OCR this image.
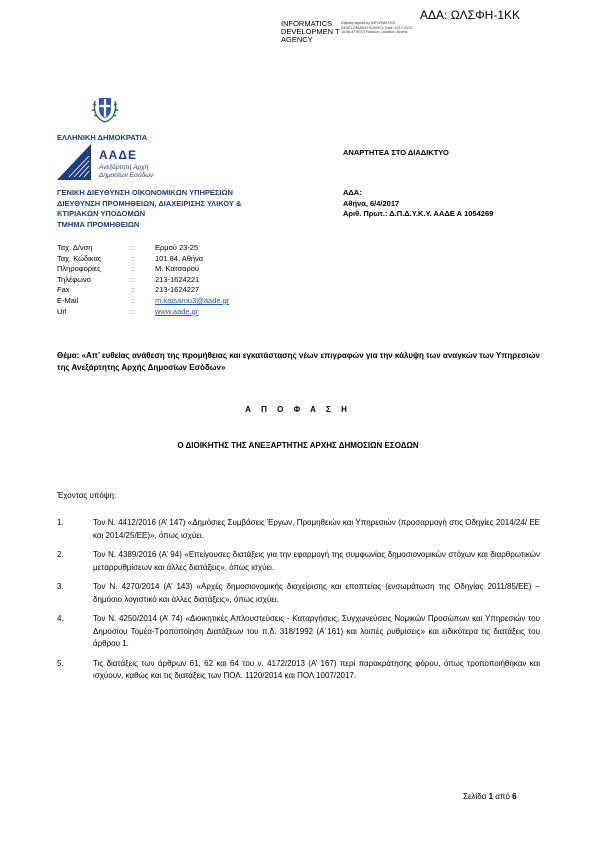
ΑΔΑ: ΩΛΣΦΗ-1ΚΚ
INFORMATICS DEVELOPMEN T AGENCY
Digitally signed by INFORMATICS DEVELOPMENT AGENCY Date: 2017.04.07 16:56:37 EEST Reason: Location: Athens
ΕΛΛΗΝΙΚΗ ΔΗΜΟΚΡΑΤΙΑ
ΑΑΔΕ
Ανεξάρτητη Αρχή Δημοσίων Εσόδων
ΓΕΝΙΚΗ ΔΙΕΥΘΥΝΣΗ ΟΙΚΟΝΟΜΙΚΩΝ ΥΠΗΡΕΣΙΩΝ
ΔΙΕΥΘΥΝΣΗ ΠΡΟΜΗΘΕΙΩΝ, ΔΙΑΧΕΙΡΙΣΗΣ ΥΛΙΚΟΥ &
ΚΤΙΡΙΑΚΩΝ ΥΠΟΔΟΜΩΝ
ΤΜΗΜΑ ΠΡΟΜΗΘΕΙΩΝ
ΑΝΑΡΤΗΤΕΑ ΣΤΟ ΔΙΑΔΙΚΤΥΟ
ΑΔΑ:
Αθήνα, 6/4/2017
Αριθ. Πρωτ.: Δ.Π.Δ.Υ.Κ.Υ. ΑΑΔΕ Α 1054269
Ταχ. Δ/νση	:	Ερμού 23-25
Ταχ. Κώδικας	:	101 84, Αθήνα
Πληροφορίες	:	Μ. Κατσαρού
Τηλέφωνο	:	213-1624221
Fax	:	213-1624227
E-Mail	:	m.katsarou3@aade.gr
Url	:	www.aade.gr
Θέμα: «Απ’ ευθείας ανάθεση της προμήθειας και εγκατάστασης νέων επιγραφών για την κάλυψη των αναγκών των Υπηρεσιών της Ανεξάρτητης Αρχής Δημοσίων Εσόδων»
Α Π Ο Φ Α Σ Η
Ο ΔΙΟΙΚΗΤΗΣ ΤΗΣ ΑΝΕΞΑΡΤΗΤΗΣ ΑΡΧΗΣ ΔΗΜΟΣΙΩΝ ΕΣΟΔΩΝ
Έχοντας υπόψη:
1.	Τον Ν. 4412/2016 (Α’ 147) «Δημόσιες Συμβάσεις Έργων, Προμηθειών και Υπηρεσιών (προσαρμογή στις Οδηγίες 2014/24/ ΕΕ και 2014/25/ΕΕ)», όπως ισχύει.
2.	Τον Ν. 4389/2016 (Α’ 94) «Επείγουσες διατάξεις για την εφαρμογή της συμφωνίας δημοσιονομικών στόχων και διαρθρωτικών μεταρρυθμίσεων και άλλες διατάξεις», όπως ισχύει.
3.	Τον Ν. 4270/2014 (Α’ 143) «Αρχές δημοσιονομικής διαχείρισης και εποπτείας (ενσωμάτωση της Οδηγίας 2011/85/ΕΕ) – δημόσιο λογιστικό και άλλες διατάξεις», όπως ισχύει.
4.	Τον Ν. 4250/2014 (Α’ 74) «Διοικητικές Απλουστεύσεις - Καταργήσεις, Συγχωνεύσεις Νομικών Προσώπων και Υπηρεσιών του Δημοσίου Τομέα-Τροποποίηση Διατάξεων του π.δ. 318/1992 (Α΄161) και λοιπές ρυθμίσεις» και ειδικότερα τις διατάξεις του άρθρου 1.
5.	Τις διατάξεις των άρθρων 61, 62 και 64 του ν. 4172/2013 (Α’ 167) περί παρακράτησης φόρου, όπως τροποποιήθηκαν και ισχύουν, καθώς και τις διατάξεις των ΠΟΛ. 1120/2014 και ΠΟΛ 1007/2017.
Σελίδα 1 από 6
